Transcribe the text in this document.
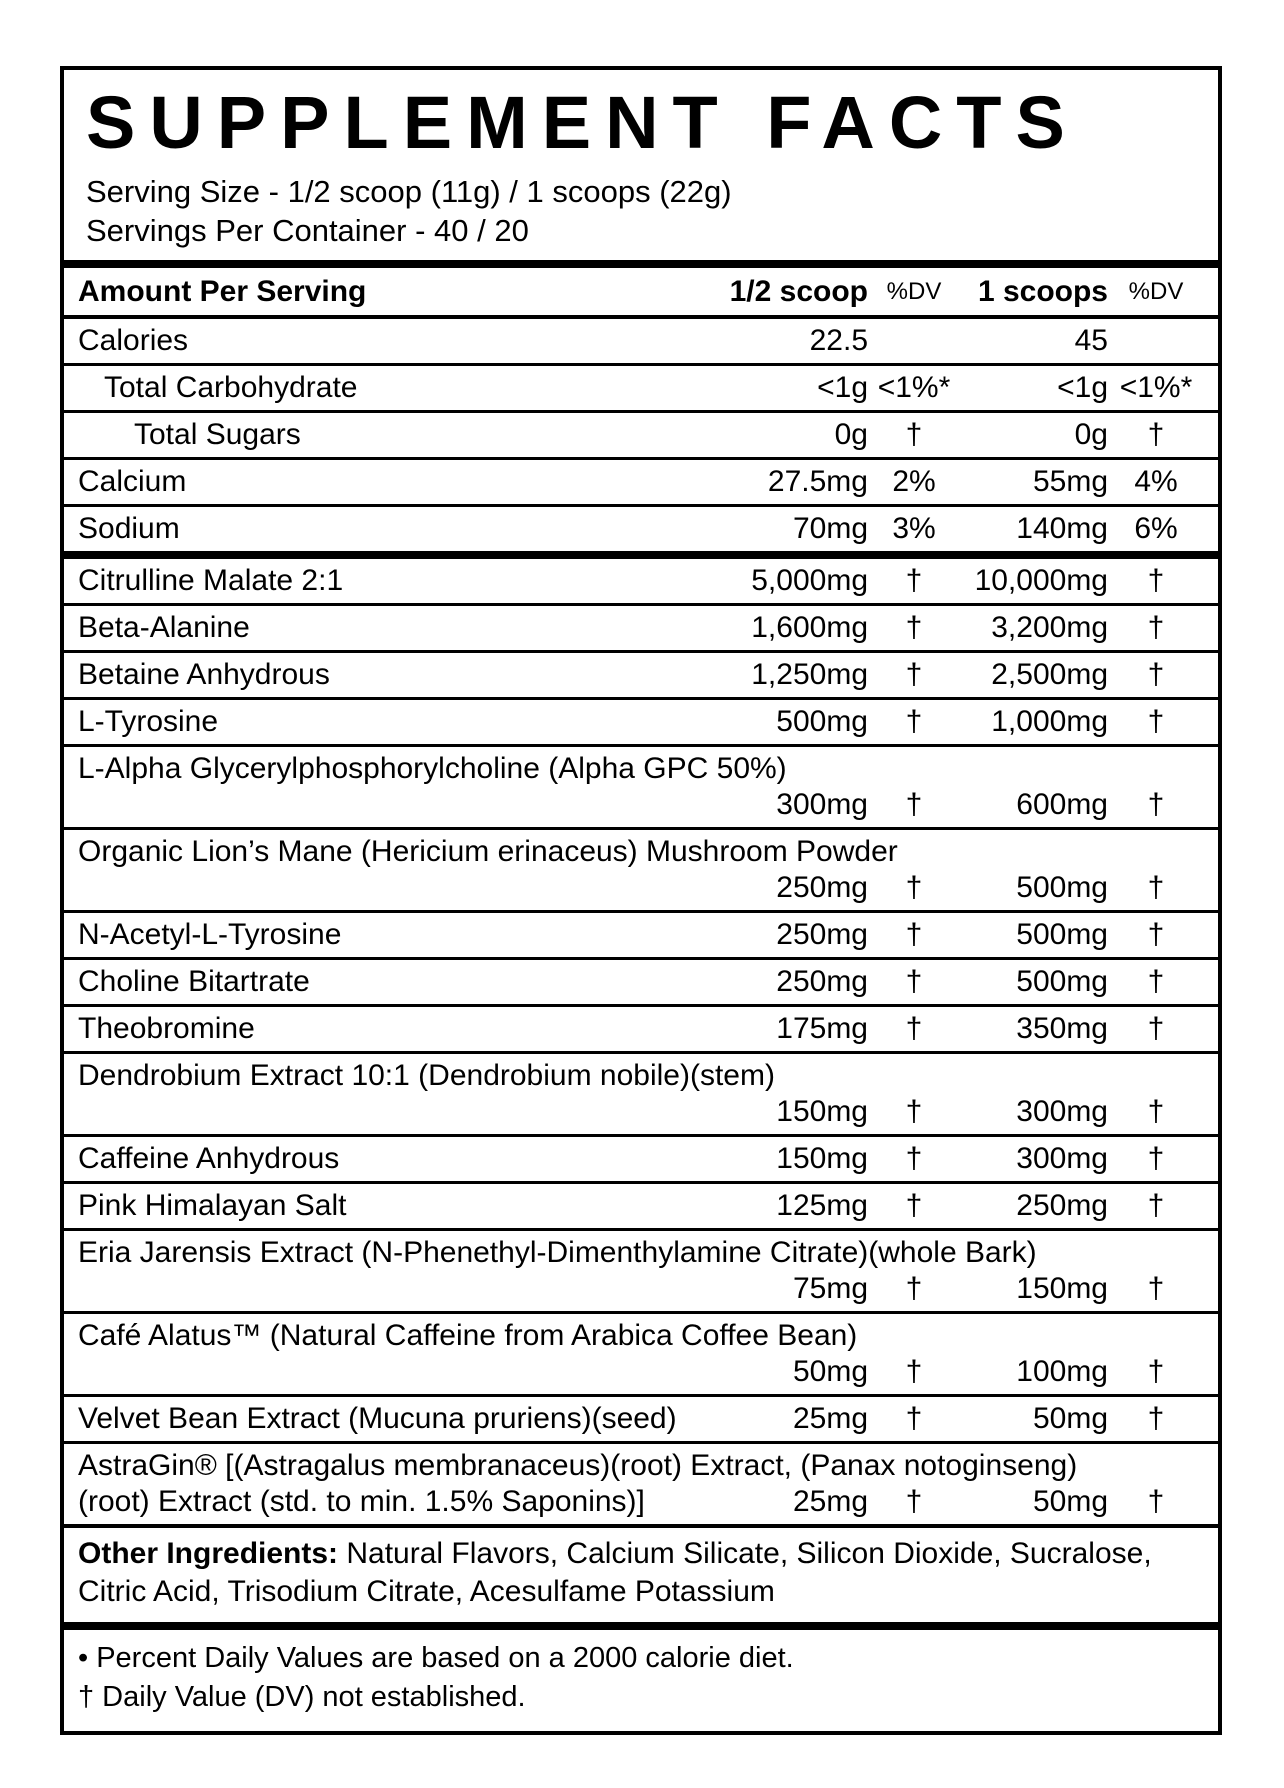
SUPPLEMENT FACTS
Serving Size - 1/2 scoop (11g) / 1 scoops (22g)
Servings Per Container - 40 / 20
Amount Per Serving	1/2 scoop %DV	1 scoops %DV
Calories	22.5	45
Total Carbohydrate	<1g <1%*	<1g <1%*
Total Sugars	0g	†	0g	†
Calcium	27.5mg 2%	55mg 4%
Sodium	70mg 3%	140mg 6%
Citrulline Malate 2:1	5,000mg	†	10,000mg	†
Beta-Alanine	1,600mg	†	3,200mg	†
Betaine Anhydrous	1,250mg	†	2,500mg	†
L-Tyrosine	500mg	†	1,000mg	†
L-Alpha Glycerylphosphorylcholine (Alpha GPC 50%)
300mg	†	600mg	†
Organic Lion’s Mane (Hericium erinaceus) Mushroom Powder
250mg	†	500mg	†
N-Acetyl-L-Tyrosine	250mg	†	500mg	†
Choline Bitartrate	250mg	†	500mg	†
Theobromine	175mg	†	350mg	†
Dendrobium Extract 10:1 (Dendrobium nobile)(stem)
150mg	†	300mg	†
Caffeine Anhydrous	150mg	†	300mg	†
Pink Himalayan Salt	125mg	†	250mg	†
Eria Jarensis Extract (N-Phenethyl-Dimenthylamine Citrate)(whole Bark)
75mg	†	150mg	†
Café Alatus™ (Natural Caffeine from Arabica Coffee Bean)
50mg	†	100mg	†
Velvet Bean Extract (Mucuna pruriens)(seed)	25mg	†	50mg	†
AstraGin® [(Astragalus membranaceus)(root) Extract, (Panax notoginseng)
(root) Extract (std. to min. 1.5% Saponins)]	25mg	†	50mg	†
Other Ingredients: Natural Flavors, Calcium Silicate, Silicon Dioxide, Sucralose, Citric Acid, Trisodium Citrate, Acesulfame Potassium
• Percent Daily Values are based on a 2000 calorie diet.
† Daily Value (DV) not established.
